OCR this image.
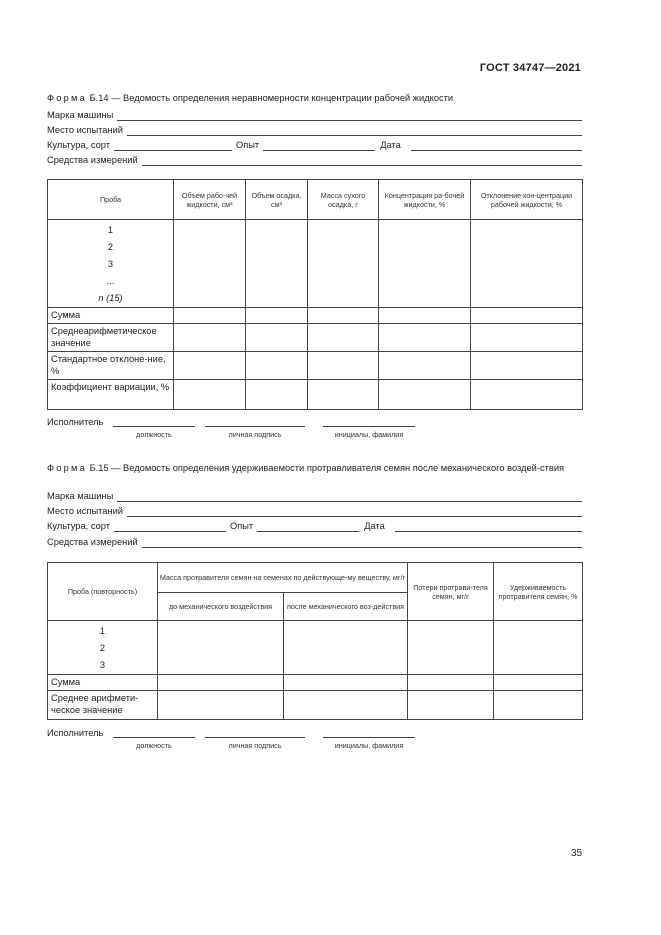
ГОСТ 34747—2021
Форма Б.14 — Ведомость определения неравномерности концентрации рабочей жидкости
Марка машины
Место испытаний
Культура, сорт	Опыт	Дата
Средства измерений
Проба	Объем рабо-чей жидкости, см³	Объем осадка, см³	Масса сухого осадка, г	Концентрация ра-бочей жидкости, %	Отклонение кон-центрации рабочей жидкости, %

1
2
3
...
n (15)					

Сумма					
Среднеарифметическое значение					
Стандартное отклоне-ние, %					
Коэффициент вариации, %					
Исполнитель
должность	личная подпись	инициалы, фамилия
Форма Б.15 — Ведомость определения удерживаемости протравливателя семян после механического воздей-ствия
Марка машины
Место испытаний
Культура, сорт	Опыт	Дата
Средства измерений
Проба (повторность)	Масса протравителя семян на семенах по действующе-му веществу, мг/г		Потери протрави-теля семян, мг/г	Удерживаемость протравителя семян, %
	до механического воздействия	после механического воз-действия		

1
2
3				

Сумма				
Среднее арифмети-ческое значение				
Исполнитель
должность	личная подпись	инициалы, фамилия
35
